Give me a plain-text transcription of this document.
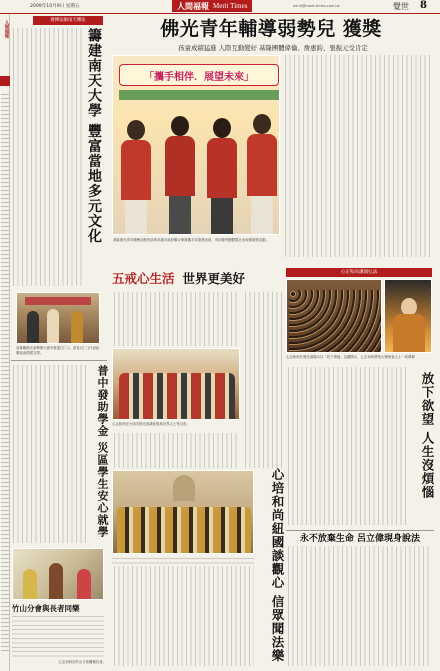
2009年10月9日 星期五	人間福報 Merit Times	mind@merit-times.com.tw	覺世 8
人間福報	發揮法師南天傳法
籌建南天大學 豐富當地多元文化
高雄縣佛光會舉辦大覺寺重建(左二)、會長(左三)代表致贈協會捐贈支票。
普中發助學金 災區學生安心就學
竹山分會與長者同樂
心定和尚到竹山分會關懷長者。
佛光青年輔導弱勢兒 獲獎
孩童成績猛進 人際互動變好 基隆團體偉倫、詹惠鈞、張振元受肯定
「攜手相伴．展望未來」
基隆佛光青年團參加教育部與高雄市政府聯合舉辦攜手成果發表會，得到優秀團體暨社會表揚頒獎活動。
五戒心生活 世界更美好
心定和尚在台南市佛光會講座後與各界人士等合影。
心培和尚紐國談觀心 信眾聞法樂
心定和尚講演弘法
心定和尚在佛光道場內以「放下煩惱」為題開示，心定和尚帶領大眾與會人士一同禪修
放下欲望 人生沒煩惱
永不放棄生命 呂立偉現身說法
